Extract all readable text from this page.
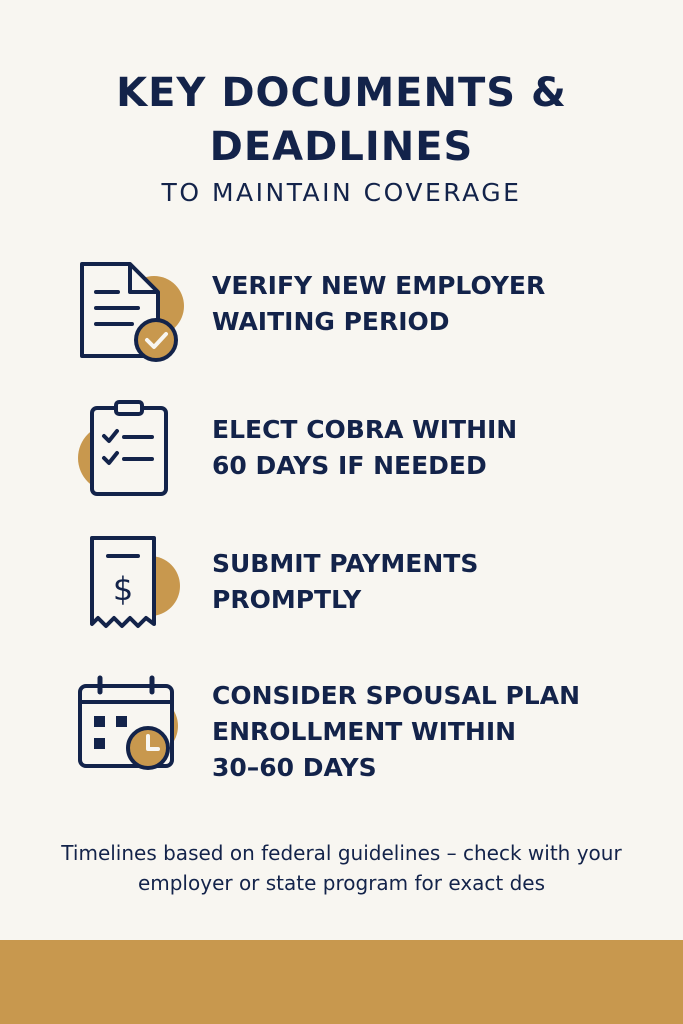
KEY DOCUMENTS &
DEADLINES
TO MAINTAIN COVERAGE
VERIFY NEW EMPLOYER
WAITING PERIOD
ELECT COBRA WITHIN
60 DAYS IF NEEDED
$
SUBMIT PAYMENTS
PROMPTLY
CONSIDER SPOUSAL PLAN
ENROLLMENT WITHIN
30–60 DAYS
Timelines based on federal guidelines – check with your employer or state program for exact des
